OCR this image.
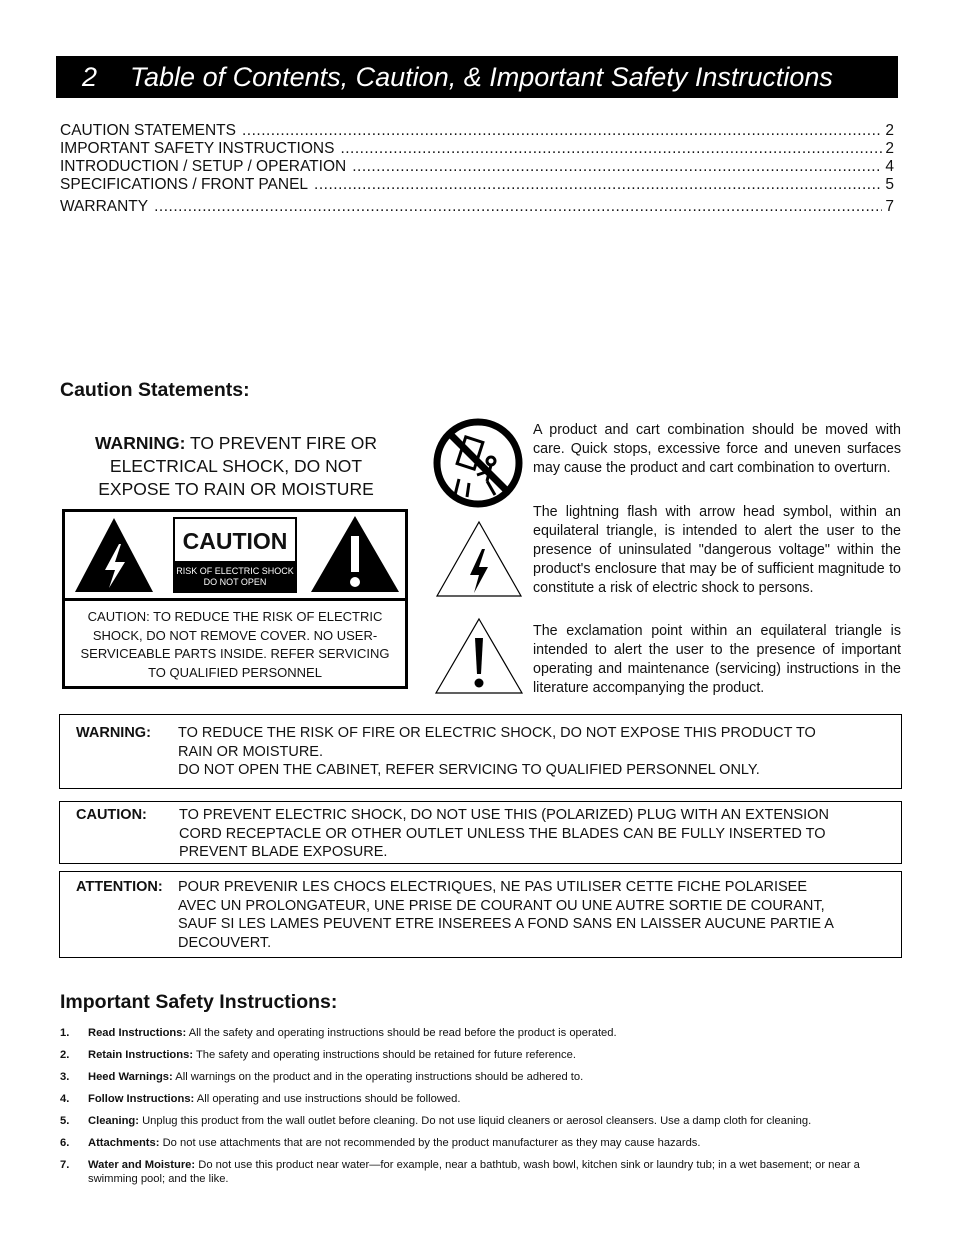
2	Table of Contents, Caution, & Important Safety Instructions
CAUTION STATEMENTS .....	2
IMPORTANT SAFETY INSTRUCTIONS .....	2
INTRODUCTION / SETUP / OPERATION .....	4
SPECIFICATIONS / FRONT PANEL .....	5
WARRANTY .....	7
Caution Statements:
WARNING: TO PREVENT FIRE OR
ELECTRICAL SHOCK, DO NOT
EXPOSE TO RAIN OR MOISTURE
CAUTION
RISK OF ELECTRIC SHOCK
DO NOT OPEN
CAUTION: TO REDUCE THE RISK OF ELECTRIC
SHOCK, DO NOT REMOVE COVER. NO USER-
SERVICEABLE PARTS INSIDE. REFER SERVICING
TO QUALIFIED PERSONNEL
A product and cart combination should be moved with care. Quick stops, excessive force and uneven surfaces may cause the product and cart combination to overturn.
The lightning flash with arrow head symbol, within an equilateral triangle, is intended to alert the user to the presence of uninsulated "dangerous voltage" within the product's enclosure that may be of sufficient magnitude to constitute a risk of electric shock to persons.
The exclamation point within an equilateral triangle is intended to alert the user to the presence of important operating and maintenance (servicing) instructions in the literature accompanying the product.
WARNING: TO REDUCE THE RISK OF FIRE OR ELECTRIC SHOCK, DO NOT EXPOSE THIS PRODUCT TO
RAIN OR MOISTURE.
DO NOT OPEN THE CABINET, REFER SERVICING TO QUALIFIED PERSONNEL ONLY.
CAUTION: TO PREVENT ELECTRIC SHOCK, DO NOT USE THIS (POLARIZED) PLUG WITH AN EXTENSION
CORD RECEPTACLE OR OTHER OUTLET UNLESS THE BLADES CAN BE FULLY INSERTED TO
PREVENT BLADE EXPOSURE.
ATTENTION: POUR PREVENIR LES CHOCS ELECTRIQUES, NE PAS UTILISER CETTE FICHE POLARISEE
AVEC UN PROLONGATEUR, UNE PRISE DE COURANT OU UNE AUTRE SORTIE DE COURANT,
SAUF SI LES LAMES PEUVENT ETRE INSEREES A FOND SANS EN LAISSER AUCUNE PARTIE A
DECOUVERT.
Important Safety Instructions:
1. Read Instructions: All the safety and operating instructions should be read before the product is operated.
2. Retain Instructions: The safety and operating instructions should be retained for future reference.
3. Heed Warnings: All warnings on the product and in the operating instructions should be adhered to.
4. Follow Instructions: All operating and use instructions should be followed.
5. Cleaning: Unplug this product from the wall outlet before cleaning. Do not use liquid cleaners or aerosol cleansers. Use a damp cloth for cleaning.
6. Attachments: Do not use attachments that are not recommended by the product manufacturer as they may cause hazards.
7. Water and Moisture: Do not use this product near water—for example, near a bathtub, wash bowl, kitchen sink or laundry tub; in a wet basement; or near a swimming pool; and the like.
